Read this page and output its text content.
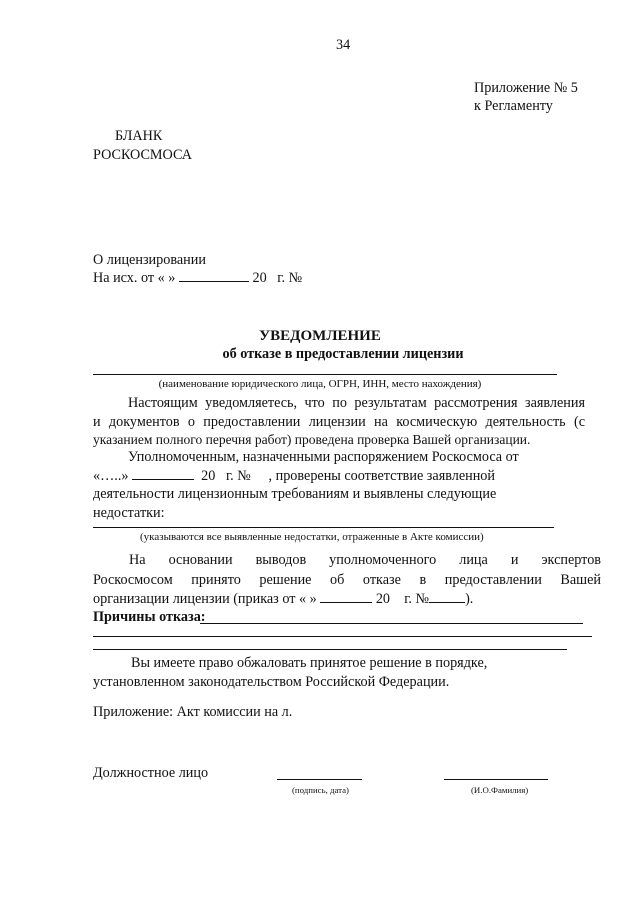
34
Приложение № 5
к Регламенту
БЛАНК
РОСКОСМОСА
О лицензировании
На исх. от « »	20 г. №
УВЕДОМЛЕНИЕ
об отказе в предоставлении лицензии
(наименование юридического лица, ОГРН, ИНН, место нахождения)
Настоящим уведомляетесь, что по результатам рассмотрения заявления
и документов о предоставлении лицензии на космическую деятельность (с
указанием полного перечня работ) проведена проверка Вашей организации.
Уполномоченным, назначенными распоряжением Роскосмоса от
«…..»	20 г. № , проверены соответствие заявленной
деятельности лицензионным требованиям и выявлены следующие
недостатки:
(указываются все выявленные недостатки, отраженные в Акте комиссии)
На основании выводов уполномоченного лица и экспертов
Роскосмосом принято решение об отказе в предоставлении Вашей
организации лицензии (приказ от « »	20 г. №	).
Причины отказа:
Вы имеете право обжаловать принятое решение в порядке,
установленном законодательством Российской Федерации.
Приложение: Акт комиссии на л.
Должностное лицо
(подпись, дата)	(И.О.Фамилия)
